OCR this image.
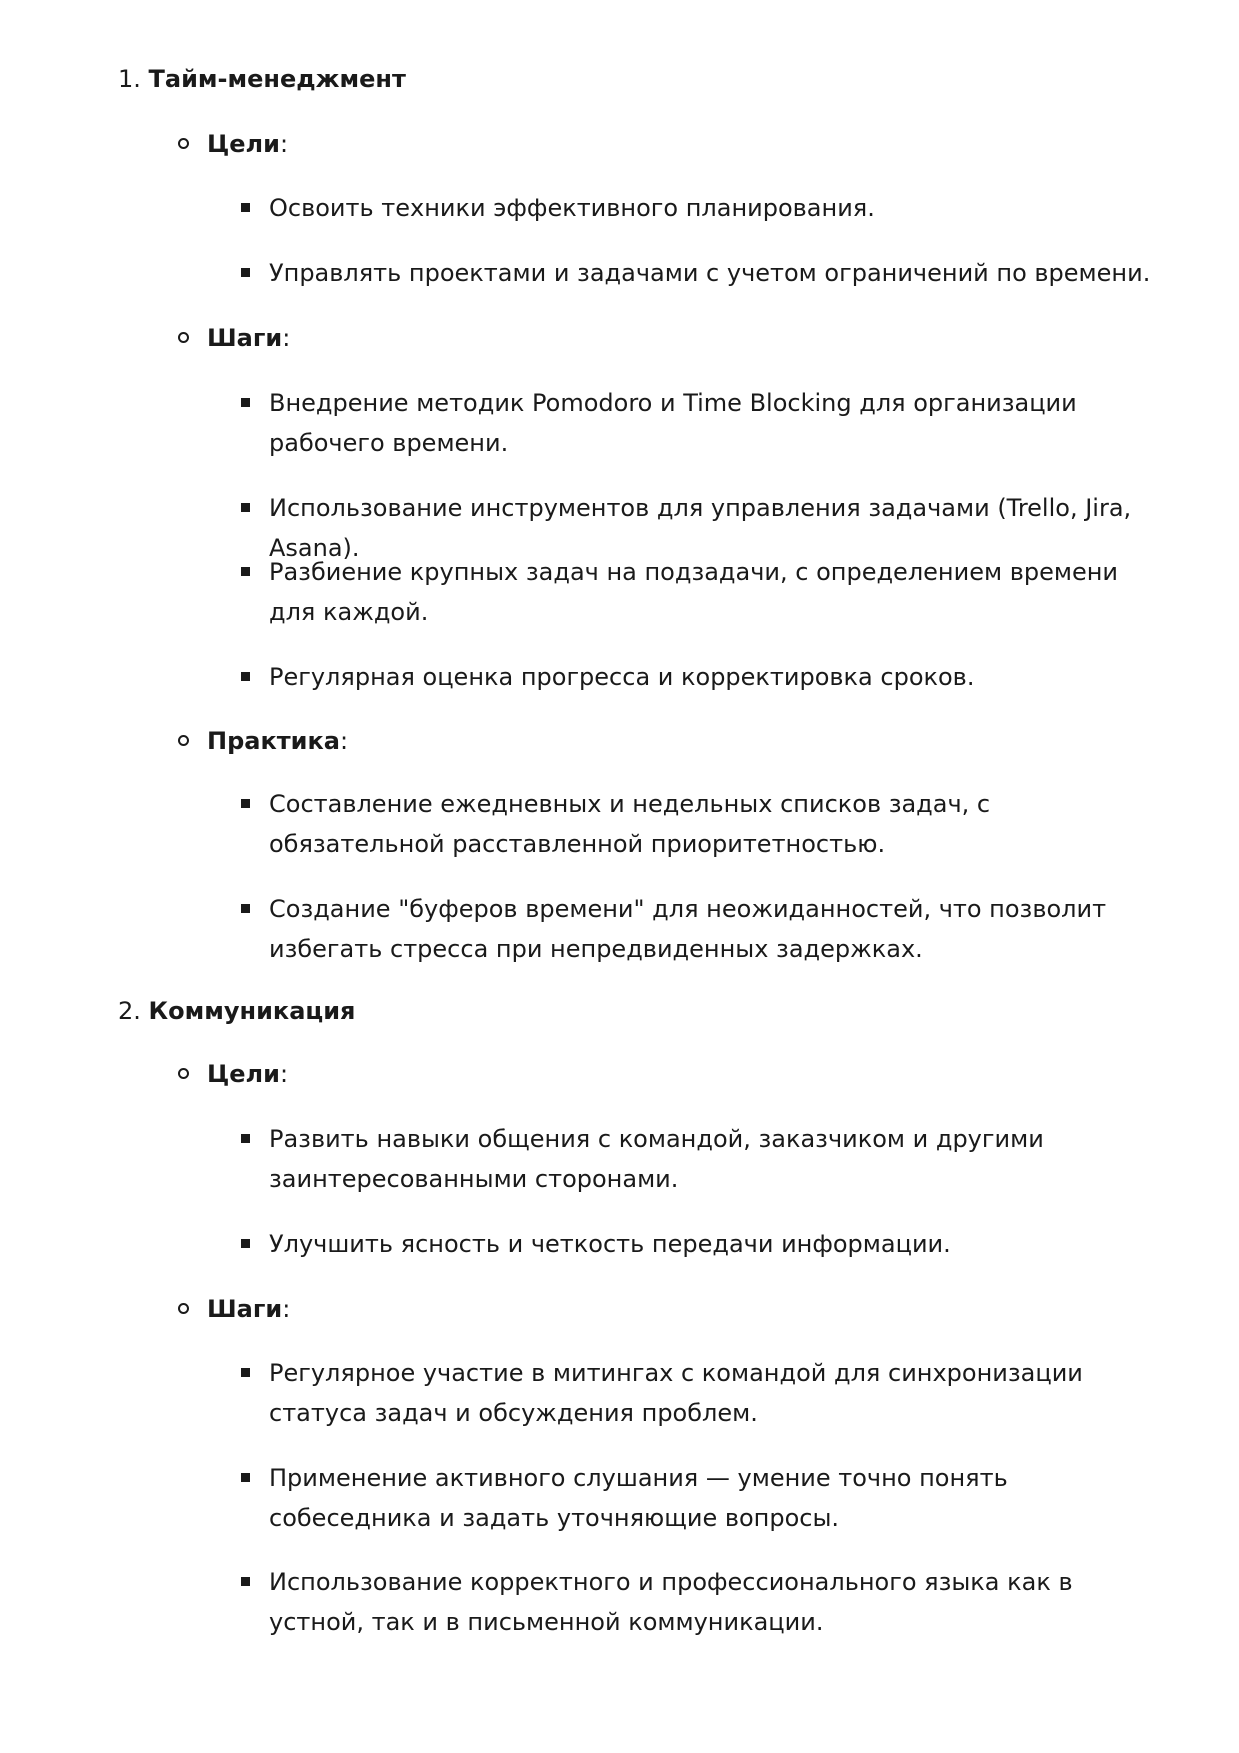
1. Тайм-менеджмент
Цели:
Освоить техники эффективного планирования.
Управлять проектами и задачами с учетом ограничений по времени.
Шаги:
Внедрение методик Pomodoro и Time Blocking для организации рабочего времени.
Использование инструментов для управления задачами (Trello, Jira, Asana).
Разбиение крупных задач на подзадачи, с определением времени для каждой.
Регулярная оценка прогресса и корректировка сроков.
Практика:
Составление ежедневных и недельных списков задач, с обязательной расставленной приоритетностью.
Создание "буферов времени" для неожиданностей, что позволит избегать стресса при непредвиденных задержках.
2. Коммуникация
Цели:
Развить навыки общения с командой, заказчиком и другими заинтересованными сторонами.
Улучшить ясность и четкость передачи информации.
Шаги:
Регулярное участие в митингах с командой для синхронизации статуса задач и обсуждения проблем.
Применение активного слушания — умение точно понять собеседника и задать уточняющие вопросы.
Использование корректного и профессионального языка как в устной, так и в письменной коммуникации.
